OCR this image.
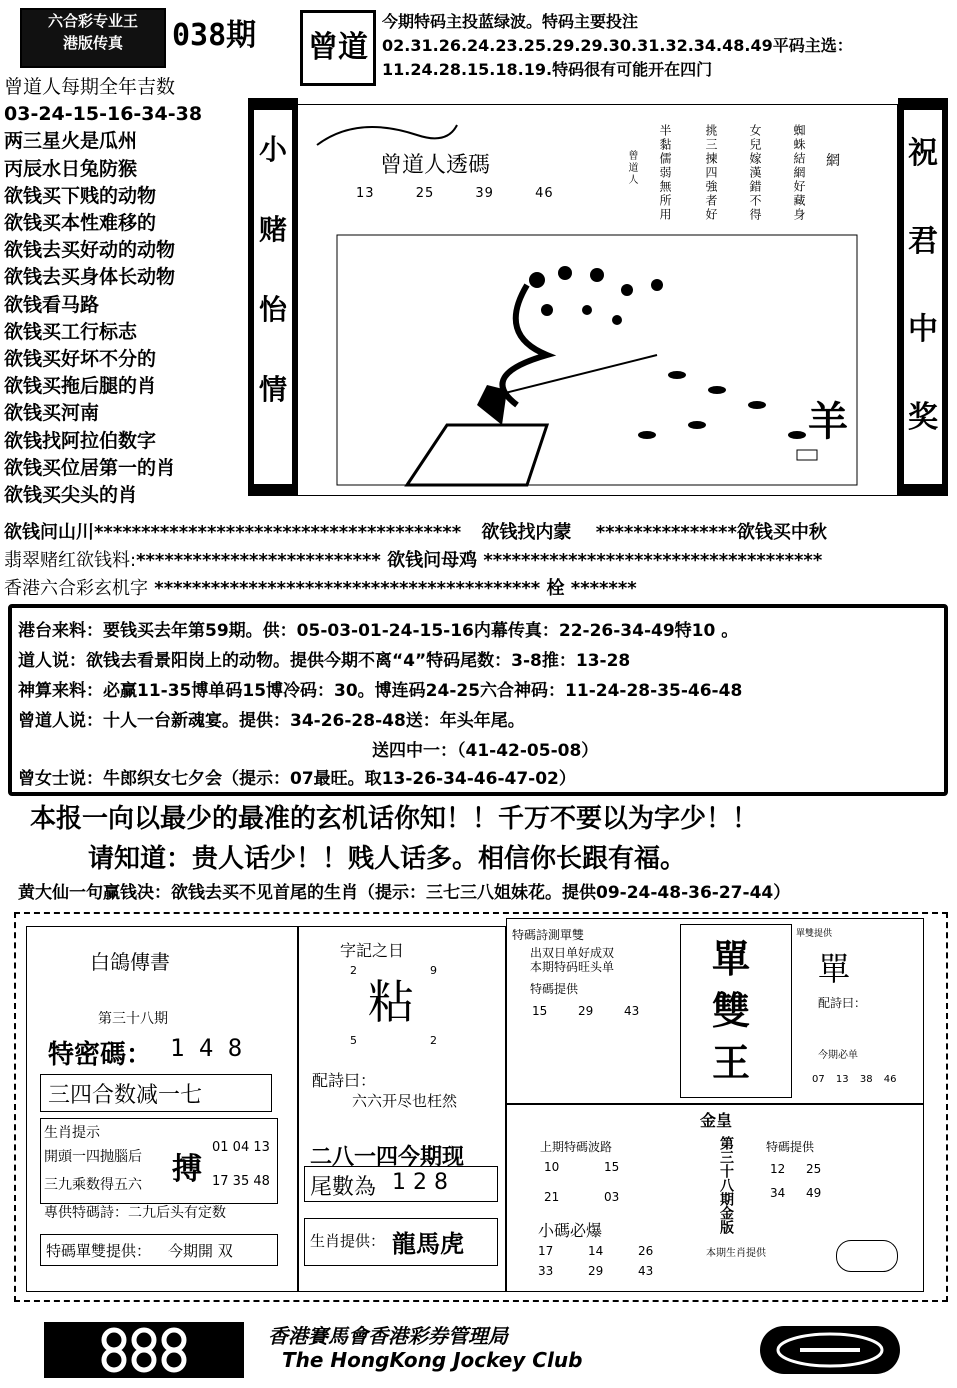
六合彩专业王
港版传真	038期 曾道
今期特码主投蓝绿波。特码主要投注02.31.26.24.23.25.29.29.30.31.32.34.48.49平码主选：11.24.28.15.18.19.特码很有可能开在四门
曾道人每期全年吉数
03-24-15-16-34-38
两三星火是瓜州
丙辰水日兔防猴
欲钱买下贱的动物
欲钱买本性难移的
欲钱去买好动的动物
欲钱去买身体长动物
欲钱看马路
欲钱买工行标志
欲钱买好坏不分的
欲钱买拖后腿的肖
欲钱买河南
欲钱找阿拉伯数字
欲钱买位居第一的肖
欲钱买尖头的肖
小
赌
怡
情
祝
君
中
奖
曾道人透碼
13	25	39	46	蜘蛛結網好藏身
女兒嫁漢錯不得
挑三揀四強者好
半黏儒弱無所用
曾道人	網
羊
欲钱问山川*************************************** 欲钱找内蒙 ***************欲钱买中秋
翡翠赌红欲钱料:************************** 欲钱问母鸡 ************************************
香港六合彩玄机字 ***************************************** 栓 *******
港台来料：要钱买去年第59期。供：05-03-01-24-15-16内幕传真：22-26-34-49特10 。
道人说：欲钱去看景阳岗上的动物。提供今期不离“4”特码尾数：3-8推：13-28
神算来料：必赢11-35博单码15博冷码：30。博连码24-25六合神码：11-24-28-35-46-48
曾道人说：十人一台新魂宴。提供：34-26-28-48送：年头年尾。
送四中一：（41-42-05-08）
曾女士说：牛郎织女七夕会（提示：07最旺。取13-26-34-46-47-02）
本报一向以最少的最准的玄机话你知！！千万不要以为字少！！
请知道：贵人话少！！贱人话多。相信你长跟有福。
黄大仙一句赢钱决：欲钱去买不见首尾的生肖（提示：三七三八姐妹花。提供09-24-48-36-27-44）
白鴿傳書
第三十八期
特密碼： 1 4 8
三四合数减一七
生肖提示
開頭一四抛腦后
三九乘数得五六 搏
01 04 13
17 35 48
專供特碼詩：二九后头有定数
特碼單雙提供： 今期開 双
字記之日
2	9
粘
5	2
配詩曰：
六六开尽也枉然
二八一四今期现
尾數為 1 2 8
生肖提供： 龍馬虎
特碼詩測單雙
出双日单好成双
本期特码旺头单
特碼提供
15	29	43
單
雙
王
單雙提供
單
配詩曰：
今期必单
07 13 38 46
金皇
上期特碼波路
10	15
21	03	第三十八期金版	特碼提供
12 25
34 49
小碼必爆
17	14	26
33	29	43
本期生肖提供
香港賽馬會香港彩券管理局
The HongKong Jockey Club
